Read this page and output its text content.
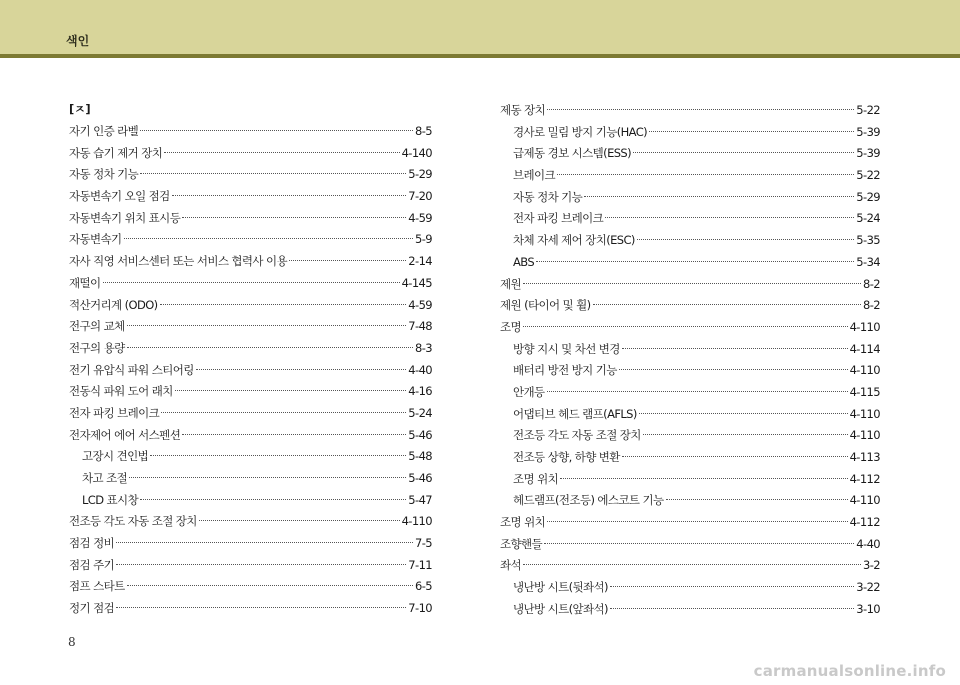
색인
[ㅈ]
자기 인증 라벨	8-5
자동 습기 제거 장치	4-140
자동 정차 기능	5-29
자동변속기 오일 점검	7-20
자동변속기 위치 표시등	4-59
자동변속기	5-9
자사 직영 서비스센터 또는 서비스 협력사 이용	2-14
재떨이	4-145
적산거리계 (ODO)	4-59
전구의 교체	7-48
전구의 용량	8-3
전기 유압식 파워 스티어링	4-40
전동식 파워 도어 래치	4-16
전자 파킹 브레이크	5-24
전자제어 에어 서스펜션	5-46
고장시 견인법	5-48
차고 조절	5-46
LCD 표시창	5-47
전조등 각도 자동 조절 장치	4-110
점검 정비	7-5
점검 주기	7-11
점프 스타트	6-5
정기 점검	7-10
제동 장치	5-22
경사로 밀림 방지 기능(HAC)	5-39
급제동 경보 시스템(ESS)	5-39
브레이크	5-22
자동 정차 기능	5-29
전자 파킹 브레이크	5-24
차체 자세 제어 장치(ESC)	5-35
ABS	5-34
제원	8-2
제원 (타이어 및 휠)	8-2
조명	4-110
방향 지시 및 차선 변경	4-114
배터리 방전 방지 기능	4-110
안개등	4-115
어댑티브 헤드 램프(AFLS)	4-110
전조등 각도 자동 조절 장치	4-110
전조등 상향, 하향 변환	4-113
조명 위치	4-112
헤드램프(전조등) 에스코트 기능	4-110
조명 위치	4-112
조향핸들	4-40
좌석	3-2
냉난방 시트(뒷좌석)	3-22
냉난방 시트(앞좌석)	3-10
8
carmanualsonline.info
